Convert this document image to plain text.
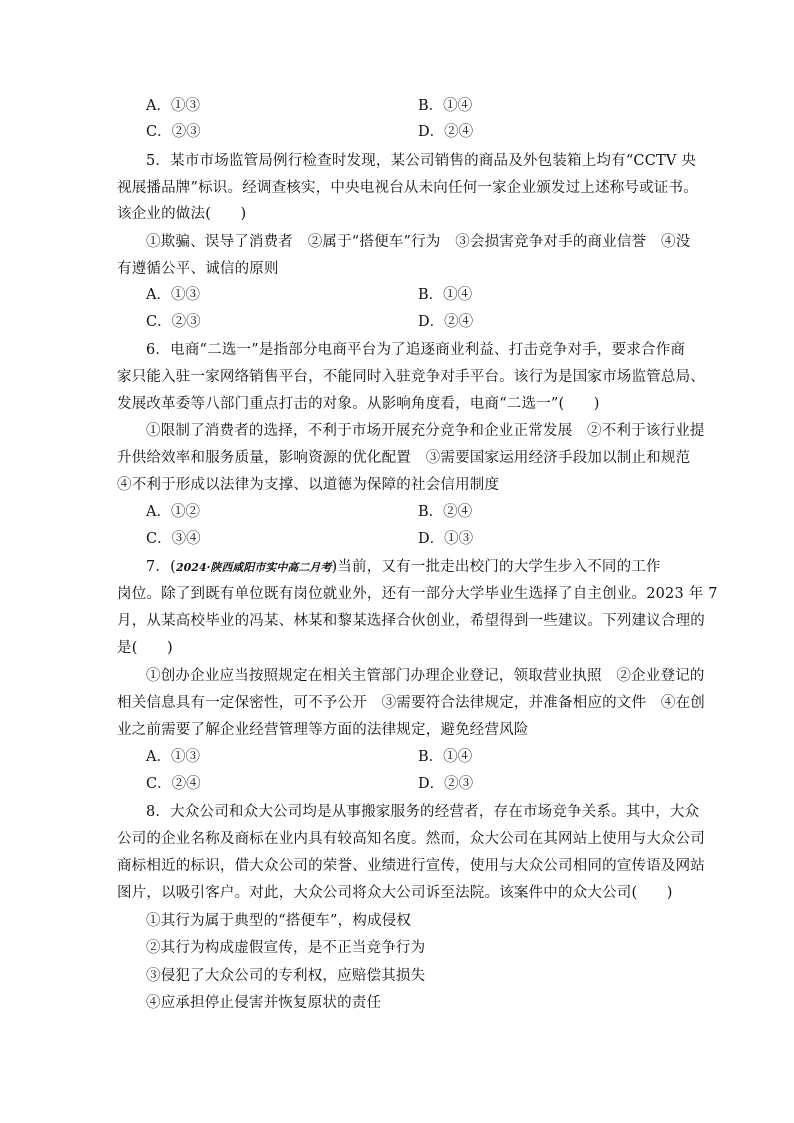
A．①③	B．①④
C．②③	D．②④
5．某市市场监管局例行检查时发现，某公司销售的商品及外包装箱上均有“CCTV 央
视展播品牌”标识。经调查核实，中央电视台从未向任何一家企业颁发过上述称号或证书。
该企业的做法(　　)
①欺骗、误导了消费者　②属于“搭便车”行为　③会损害竞争对手的商业信誉　④没
有遵循公平、诚信的原则
A．①③	B．①④
C．②③	D．②④
6．电商“二选一”是指部分电商平台为了追逐商业利益、打击竞争对手，要求合作商
家只能入驻一家网络销售平台，不能同时入驻竞争对手平台。该行为是国家市场监管总局、
发展改革委等八部门重点打击的对象。从影响角度看，电商“二选一”(　　)
①限制了消费者的选择，不利于市场开展充分竞争和企业正常发展　②不利于该行业提
升供给效率和服务质量，影响资源的优化配置　③需要国家运用经济手段加以制止和规范
④不利于形成以法律为支撑、以道德为保障的社会信用制度
A．①②	B．②④
C．③④	D．①③
7．(2024·陕西咸阳市实中高二月考)当前，又有一批走出校门的大学生步入不同的工作
岗位。除了到既有单位既有岗位就业外，还有一部分大学毕业生选择了自主创业。2023 年 7
月，从某高校毕业的冯某、林某和黎某选择合伙创业，希望得到一些建议。下列建议合理的
是(　　)
①创办企业应当按照规定在相关主管部门办理企业登记，领取营业执照　②企业登记的
相关信息具有一定保密性，可不予公开　③需要符合法律规定，并准备相应的文件　④在创
业之前需要了解企业经营管理等方面的法律规定，避免经营风险
A．①③	B．①④
C．②④	D．②③
8．大众公司和众大公司均是从事搬家服务的经营者，存在市场竞争关系。其中，大众
公司的企业名称及商标在业内具有较高知名度。然而，众大公司在其网站上使用与大众公司
商标相近的标识，借大众公司的荣誉、业绩进行宣传，使用与大众公司相同的宣传语及网站
图片，以吸引客户。对此，大众公司将众大公司诉至法院。该案件中的众大公司(　　)
①其行为属于典型的“搭便车”，构成侵权
②其行为构成虚假宣传，是不正当竞争行为
③侵犯了大众公司的专利权，应赔偿其损失
④应承担停止侵害并恢复原状的责任
